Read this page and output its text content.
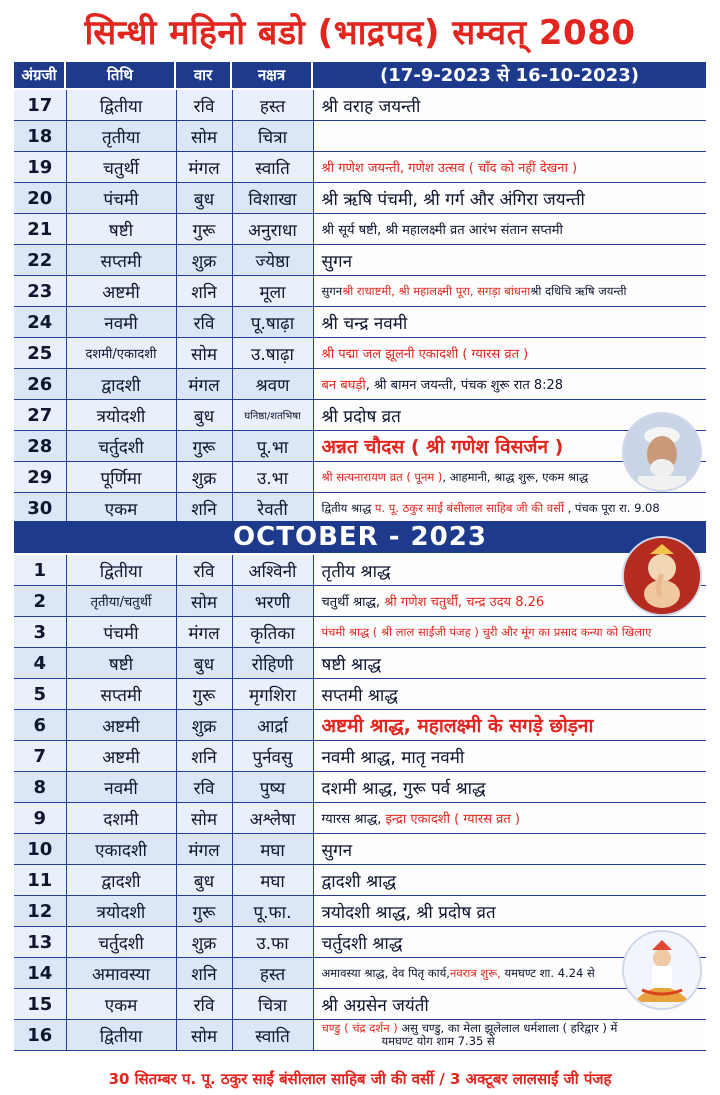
सिन्धी महिनो बडो (भाद्रपद) सम्वत् 2080
अंग्रजी	तिथि	वार	नक्षत्र	(17-9-2023 से 16-10-2023)
17	द्वितीया	रवि	हस्त	श्री वराह जयन्ती
18	तृतीया	सोम	चित्रा	
19	चतुर्थी	मंगल	स्वाति	श्री गणेश जयन्ती, गणेश उत्सव ( चाँद को नहीं देखना )
20	पंचमी	बुध	विशाखा	श्री ऋषि पंचमी, श्री गर्ग और अंगिरा जयन्ती
21	षष्टी	गुरू	अनुराधा	श्री सूर्य षष्टी, श्री महालक्ष्मी व्रत आरंभ संतान सप्तमी
22	सप्तमी	शुक्र	ज्येष्ठा	सुगन
23	अष्टमी	शनि	मूला	सुगनश्री राधाष्टमी, श्री महालक्ष्मी पूरा, सगड़ा बांधनाश्री दधिचि ऋषि जयन्ती
24	नवमी	रवि	पू.षाढ़ा	श्री चन्द्र नवमी
25	दशमी/एकादशी	सोम	उ.षाढ़ा	श्री पद्मा जल झूलनी एकादशी ( ग्यारस व्रत )
26	द्वादशी	मंगल	श्रवण	बन बघड़ी, श्री बामन जयन्ती, पंचक शुरू रात 8:28
27	त्रयोदशी	बुध	घनिष्ठा/शतभिषा	श्री प्रदोष व्रत
28	चर्तुदशी	गुरू	पू.भा	अन्नत चौदस ( श्री गणेश विसर्जन )
29	पूर्णिमा	शुक्र	उ.भा	श्री सत्यनारायण व्रत ( पूनम ), आहमानी, श्राद्ध शुरू, एकम श्राद्ध
30	एकम	शनि	रेवती	द्वितीय श्राद्ध प. पू. ठकुर साईं बंसीलाल साहिब जी की वर्सी , पंचक पूरा रा. 9.08
OCTOBER - 2023
1	द्वितीया	रवि	अश्विनी	तृतीय श्राद्ध
2	तृतीया/चतुर्थी	सोम	भरणी	चतुर्थी श्राद्ध, श्री गणेश चतुर्थी, चन्द्र उदय 8.26
3	पंचमी	मंगल	कृतिका	पंचमी श्राद्ध ( श्री लाल साईंजी पंजह ) चुरी और मूंग का प्रसाद कन्या को खिलाए
4	षष्टी	बुध	रोहिणी	षष्टी श्राद्ध
5	सप्तमी	गुरू	मृगशिरा	सप्तमी श्राद्ध
6	अष्टमी	शुक्र	आर्द्रा	अष्टमी श्राद्ध, महालक्ष्मी के सगड़े छोड़ना
7	अष्टमी	शनि	पुर्नवसु	नवमी श्राद्ध, मातृ नवमी
8	नवमी	रवि	पुष्य	दशमी श्राद्ध, गुरू पर्व श्राद्ध
9	दशमी	सोम	अश्लेषा	ग्यारस श्राद्ध, इन्द्रा एकादशी ( ग्यारस व्रत )
10	एकादशी	मंगल	मघा	सुगन
11	द्वादशी	बुध	मघा	द्वादशी श्राद्ध
12	त्रयोदशी	गुरू	पू.फा.	त्रयोदशी श्राद्ध, श्री प्रदोष व्रत
13	चर्तुदशी	शुक्र	उ.फा	चर्तुदशी श्राद्ध
14	अमावस्या	शनि	हस्त	अमावस्या श्राद्ध, देव पितृ कार्य,नवरात्र शुरू, यमघण्ट शा. 4.24 से
15	एकम	रवि	चित्रा	श्री अग्रसेन जयंती
16	द्वितीया	सोम	स्वाति	चण्डु ( चंद्र दर्शन ) असु चण्डु, का मेला झूलेलाल धर्मशाला ( हरिद्वार ) में
यमघण्ट योग शाम 7.35 से
30 सितम्बर प. पू. ठकुर साईं बंसीलाल साहिब जी की वर्सी / 3 अक्टूबर लालसाईं जी पंजह
